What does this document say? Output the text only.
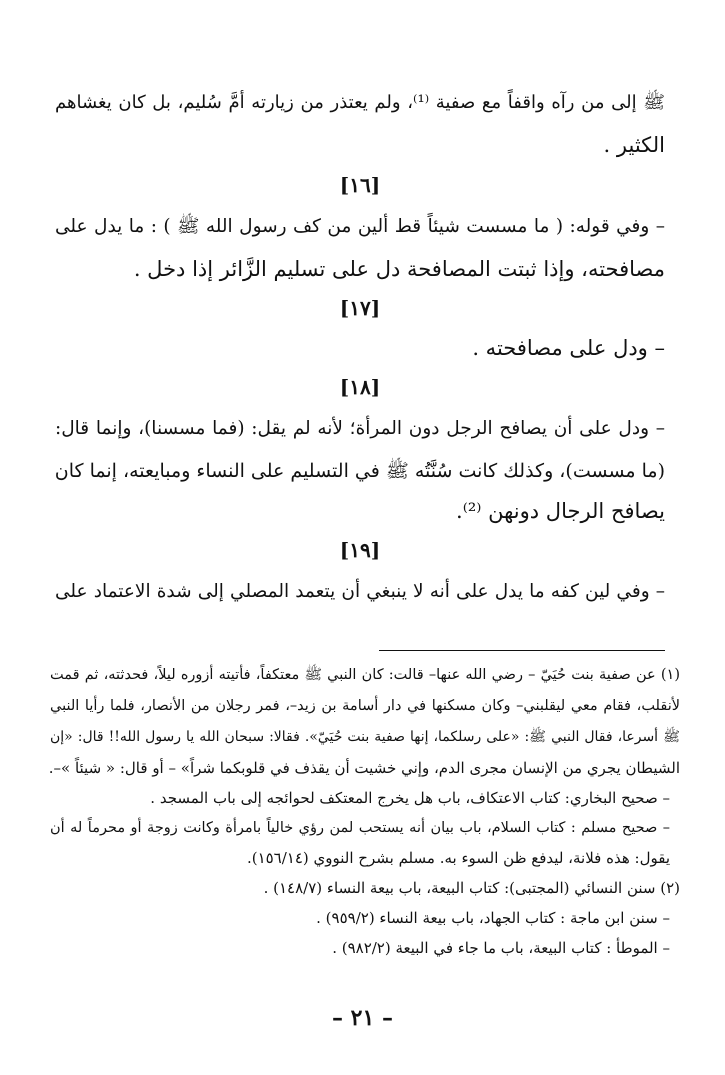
ﷺ إلى من رآه واقفاً مع صفية ⁽¹⁾، ولم يعتذر من زيارته أمَّ سُليم، بل كان يغشاهم
الكثير .
[١٦]
– وفي قوله: ( ما مسست شيئاً قط ألين من كف رسول الله ﷺ ) : ما يدل على
مصافحته، وإذا ثبتت المصافحة دل على تسليم الزَّائر إذا دخل .
[١٧]
– ودل على مصافحته .
[١٨]
– ودل على أن يصافح الرجل دون المرأة؛ لأنه لم يقل: (فما مسسنا)، وإنما قال:
(ما مسست)، وكذلك كانت سُنَّتُه ﷺ في التسليم على النساء ومبايعته، إنما كان
يصافح الرجال دونهن ⁽²⁾.
[١٩]
– وفي لين كفه ما يدل على أنه لا ينبغي أن يتعمد المصلي إلى شدة الاعتماد على
(١) عن صفية بنت حُيَيّ – رضي الله عنها– قالت: كان النبي ﷺ معتكفاً، فأتيته أزوره ليلاً، فحدثته، ثم قمت
لأنقلب، فقام معي ليقلبني– وكان مسكنها في دار أسامة بن زيد–، فمر رجلان من الأنصار، فلما رأيا النبي
ﷺ أسرعا، فقال النبي ﷺ: «على رسلكما، إنها صفية بنت حُيَيّ». فقالا: سبحان الله يا رسول الله!! قال: «إن
الشيطان يجري من الإنسان مجرى الدم، وإني خشيت أن يقذف في قلوبكما شراً» – أو قال: « شيئاً »–.
– صحيح البخاري: كتاب الاعتكاف، باب هل يخرج المعتكف لحوائجه إلى باب المسجد .
– صحيح مسلم : كتاب السلام، باب بيان أنه يستحب لمن رؤي خالياً بامرأة وكانت زوجة أو محرماً له أن
يقول: هذه فلانة، ليدفع ظن السوء به. مسلم بشرح النووي (١٥٦/١٤).
(٢) سنن النسائي (المجتبى): كتاب البيعة، باب بيعة النساء (١٤٨/٧) .
– سنن ابن ماجة : كتاب الجهاد، باب بيعة النساء (٩٥٩/٢) .
– الموطأ : كتاب البيعة، باب ما جاء في البيعة (٩٨٢/٢) .
– ٢١ –
